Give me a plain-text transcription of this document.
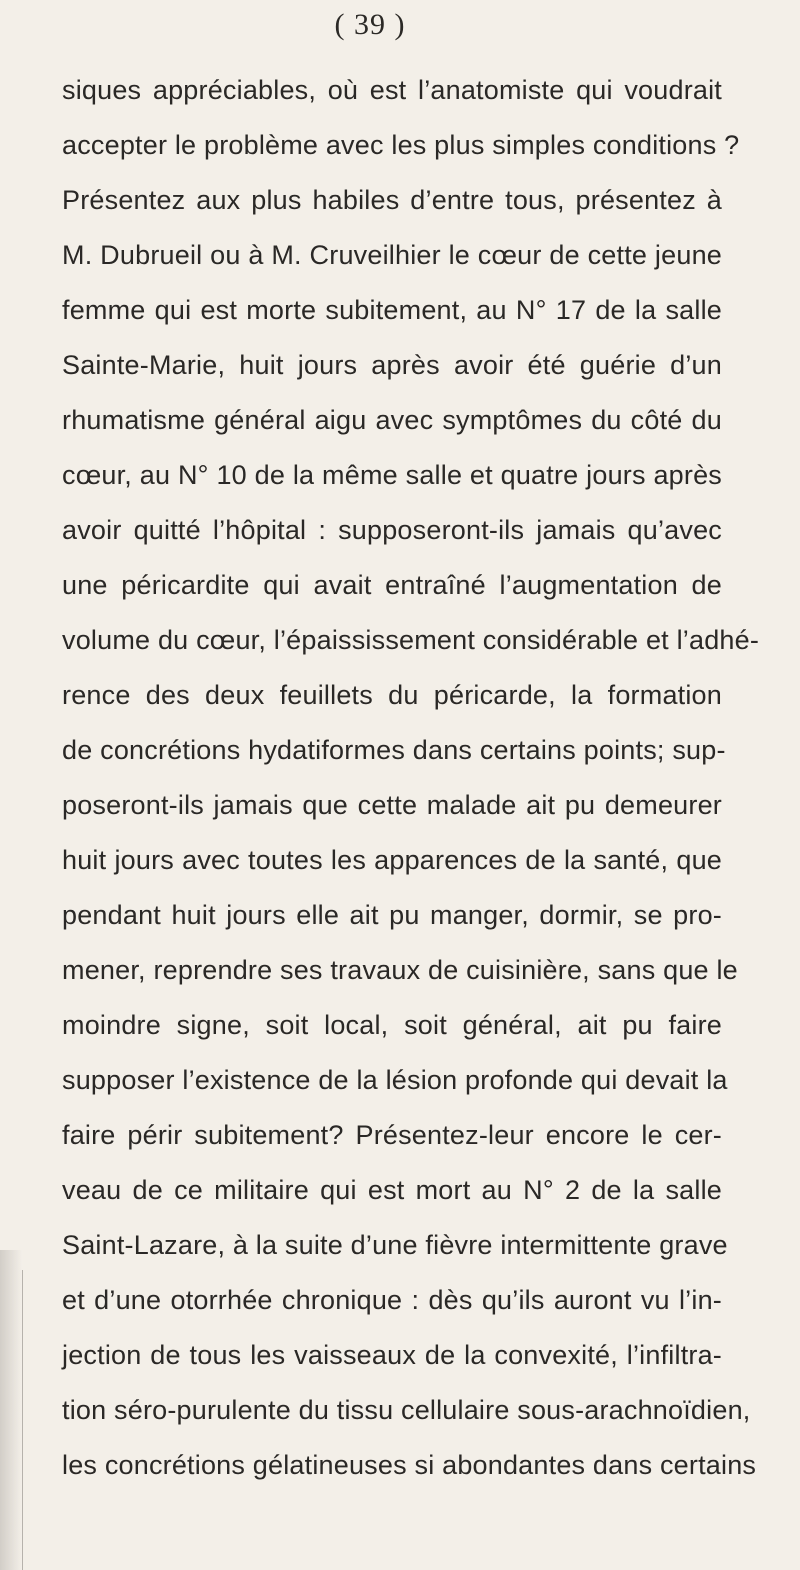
( 39 )
siques appréciables, où est l’anatomiste qui voudrait
accepter le problème avec les plus simples conditions ?
Présentez aux plus habiles d’entre tous, présentez à
M. Dubrueil ou à M. Cruveilhier le cœur de cette jeune
femme qui est morte subitement, au N° 17 de la salle
Sainte-Marie, huit jours après avoir été guérie d’un
rhumatisme général aigu avec symptômes du côté du
cœur, au N° 10 de la même salle et quatre jours après
avoir quitté l’hôpital : supposeront-ils jamais qu’avec
une péricardite qui avait entraîné l’augmentation de
volume du cœur, l’épaississement considérable et l’adhé-
rence des deux feuillets du péricarde, la formation
de concrétions hydatiformes dans certains points; sup-
poseront-ils jamais que cette malade ait pu demeurer
huit jours avec toutes les apparences de la santé, que
pendant huit jours elle ait pu manger, dormir, se pro-
mener, reprendre ses travaux de cuisinière, sans que le
moindre signe, soit local, soit général, ait pu faire
supposer l’existence de la lésion profonde qui devait la
faire périr subitement? Présentez-leur encore le cer-
veau de ce militaire qui est mort au N° 2 de la salle
Saint-Lazare, à la suite d’une fièvre intermittente grave
et d’une otorrhée chronique : dès qu’ils auront vu l’in-
jection de tous les vaisseaux de la convexité, l’infiltra-
tion séro-purulente du tissu cellulaire sous-arachnoïdien,
les concrétions gélatineuses si abondantes dans certains
